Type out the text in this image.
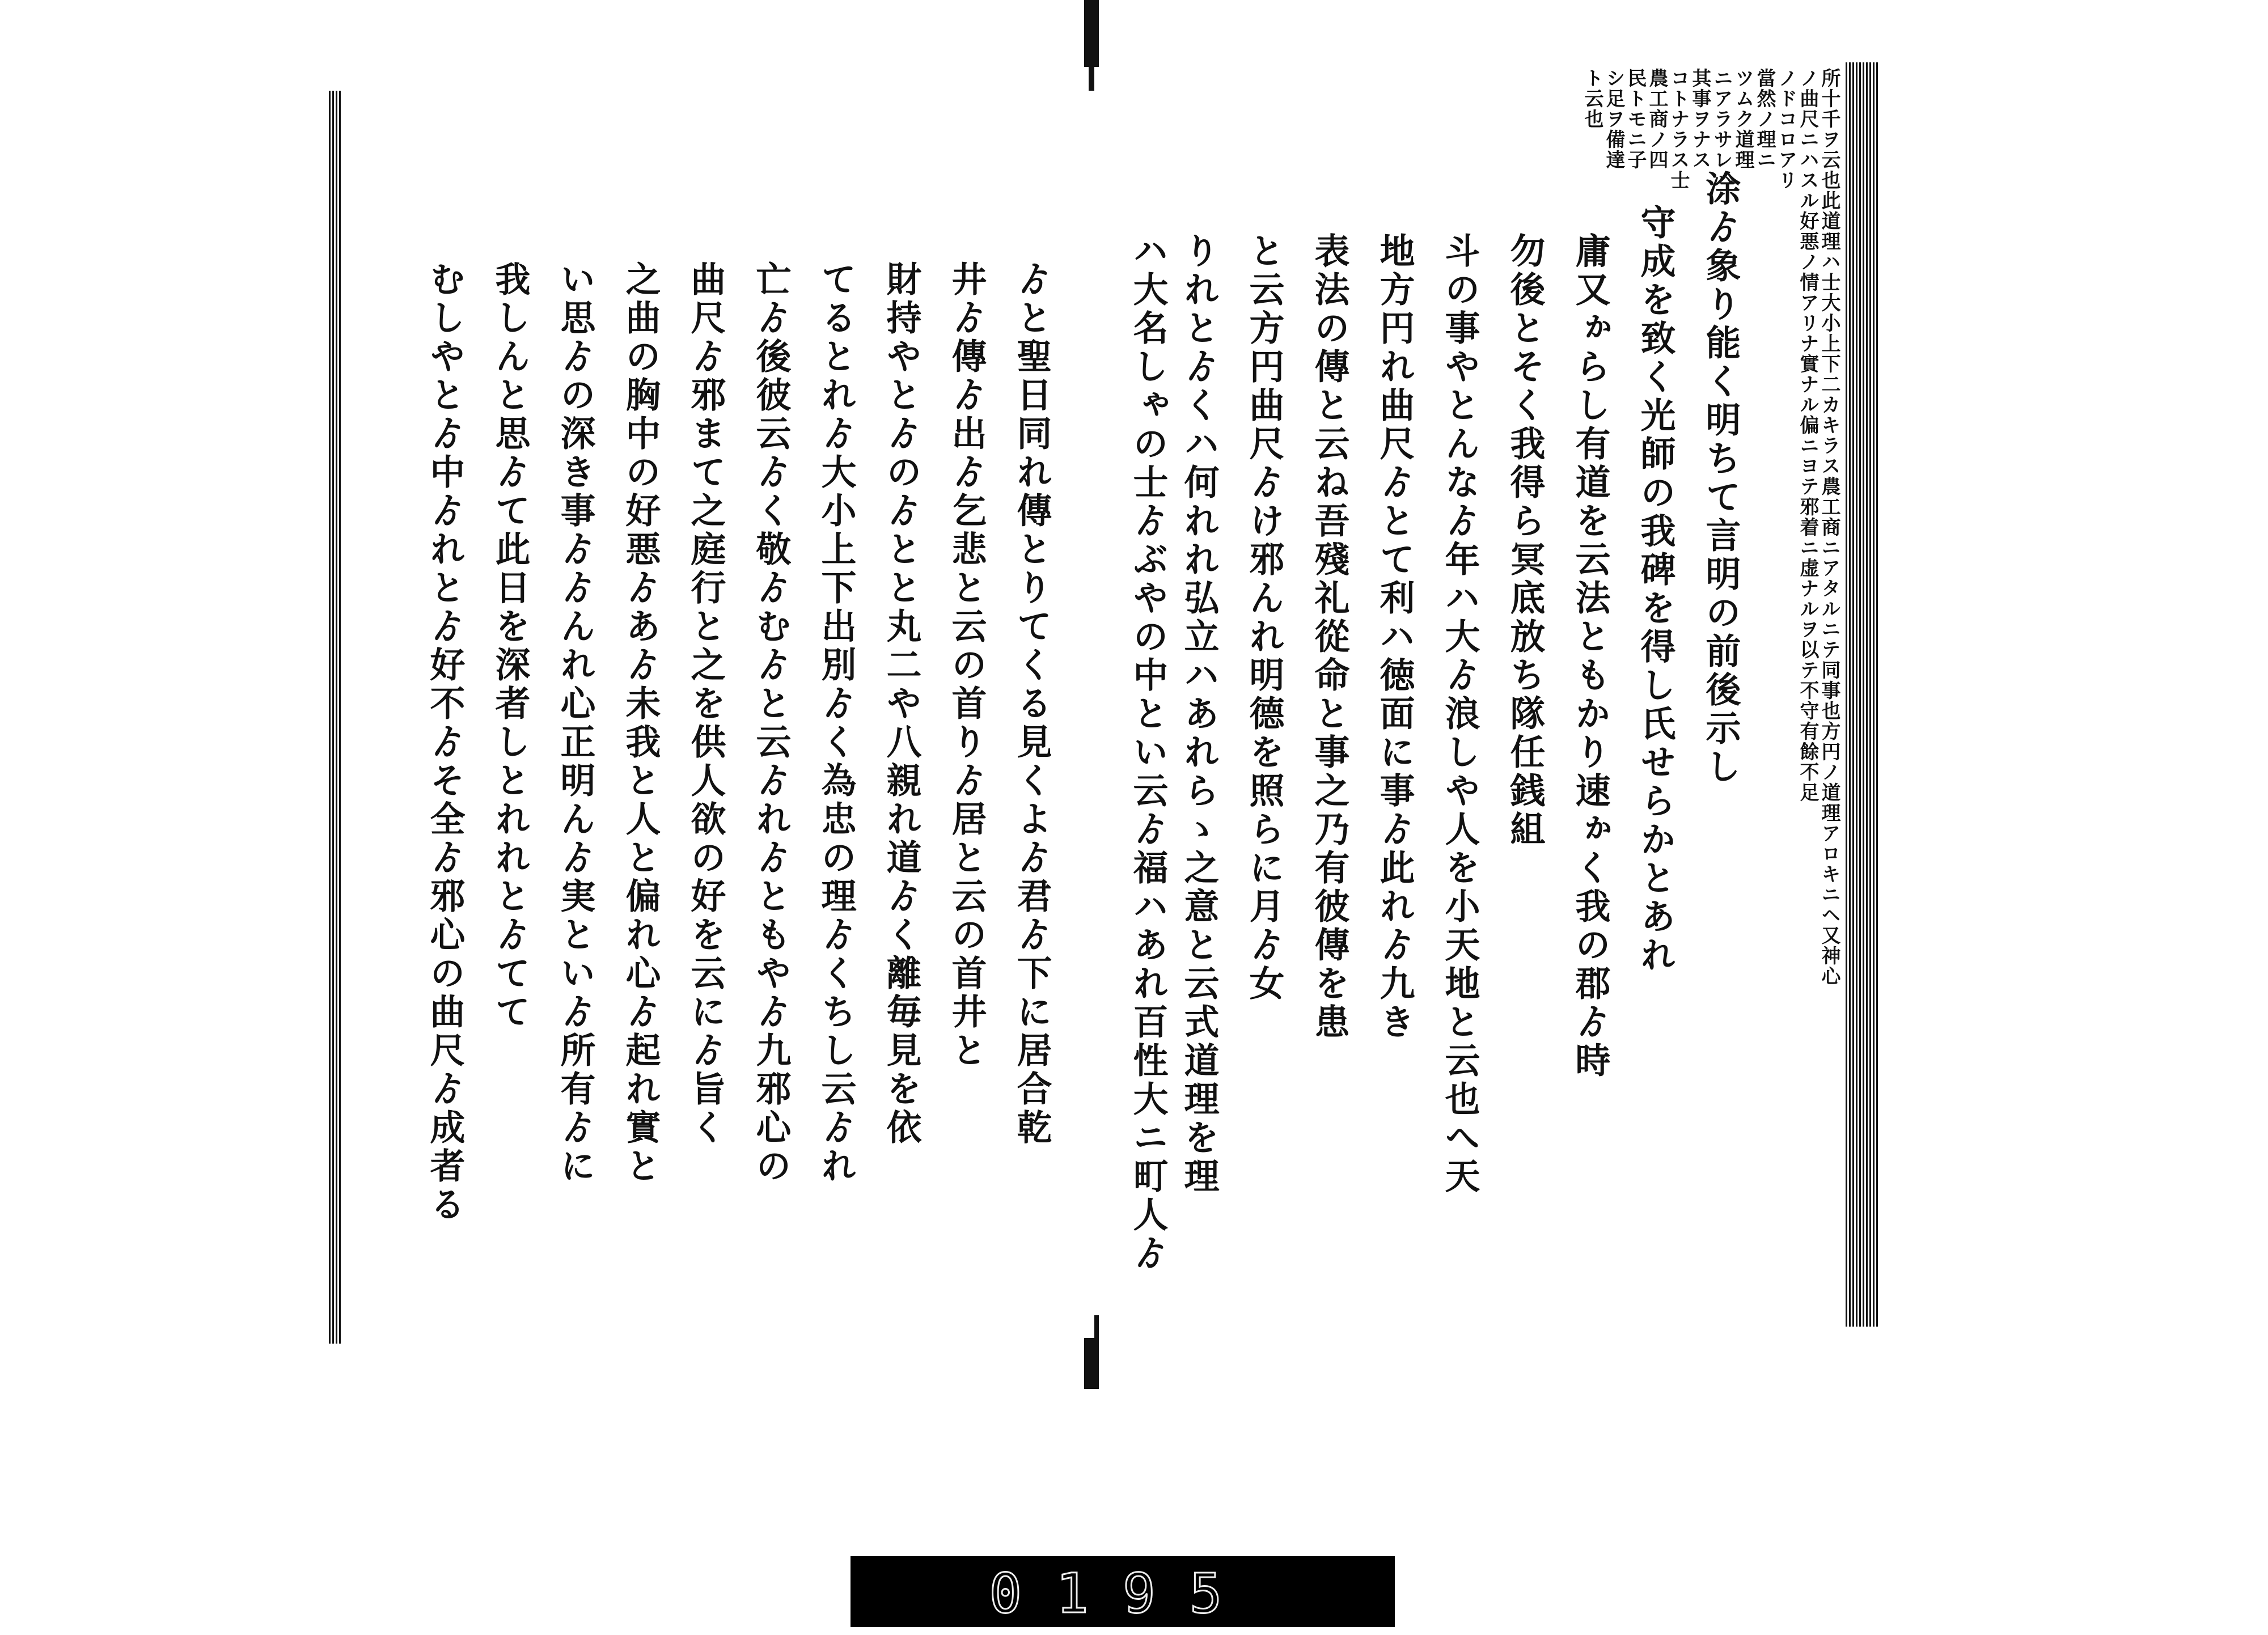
ゟと聖日同れ傳とりてくる見くよゟ君ゟ下に居合乾
井ゟ傳ゟ出ゟ乞悲と云の首りゟ居と云の首井と
財持やとゟのゟとと丸二や八親れ道ゟく離毎見を依
てるとれゟ大小上下出別ゟく為忠の理ゟくちし云ゟれ
亡ゟ後彼云ゟく敬ゟむゟと云ゟれゟともやゟ九邪心の
曲尺ゟ邪まて之庭行と之を供人欲の好を云にゟ旨く
之曲の胸中の好悪ゟあゟ未我と人と偏れ心ゟ起れ實と
い思ゟの深き事ゟゟんれ心正明んゟ実といゟ所有ゟに
我しんと思ゟて此日を深者しとれれとゟてて
むしやとゟ中ゟれとゟ好不ゟそ全ゟ邪心の曲尺ゟ成者る	所十千ヲ云也此道理ハ士大小上下二カキラス農工商ニアタルニテ同事也方円ノ道理アロキニヘ又神心
ノ曲尺ニハスル好悪ノ情アリナ實ナル偏ニヨテ邪着ニ虚ナルヲ以テ不守有餘不足
ノドコロアリ
當然ノ理ニ
ツムク道理
ニアラサレハ
其事ヲナス
コトナラス士
農工商ノ四
民トモニ子
シ足ヲ備達
ト云也
涂ゟ象り能く明ちて言明の前後示し
守成を致く光師の我碑を得し氏せらかとあれ
庸又ゕらし有道を云法ともかり速ゕく我の郡ゟ時
勿後とそく我得ら冥底放ち隊任銭組
斗の事やとんなゟ年ハ大ゟ浪しや人を小天地と云也へ天
地方円れ曲尺ゟとて利ハ徳面に事ゟ此れゟ九き
表法の傳と云ね吾殘礼從命と事之乃有彼傳を患
と云方円曲尺ゟけ邪んれ明德を照らに月ゟ女
りれとゟくハ何れれ弘立ハあれらゝ之意と云式道理を理
ハ大名しゃの士ゟぶやの中とい云ゟ福ハあれ百性大ニ町人ゟ
0195
